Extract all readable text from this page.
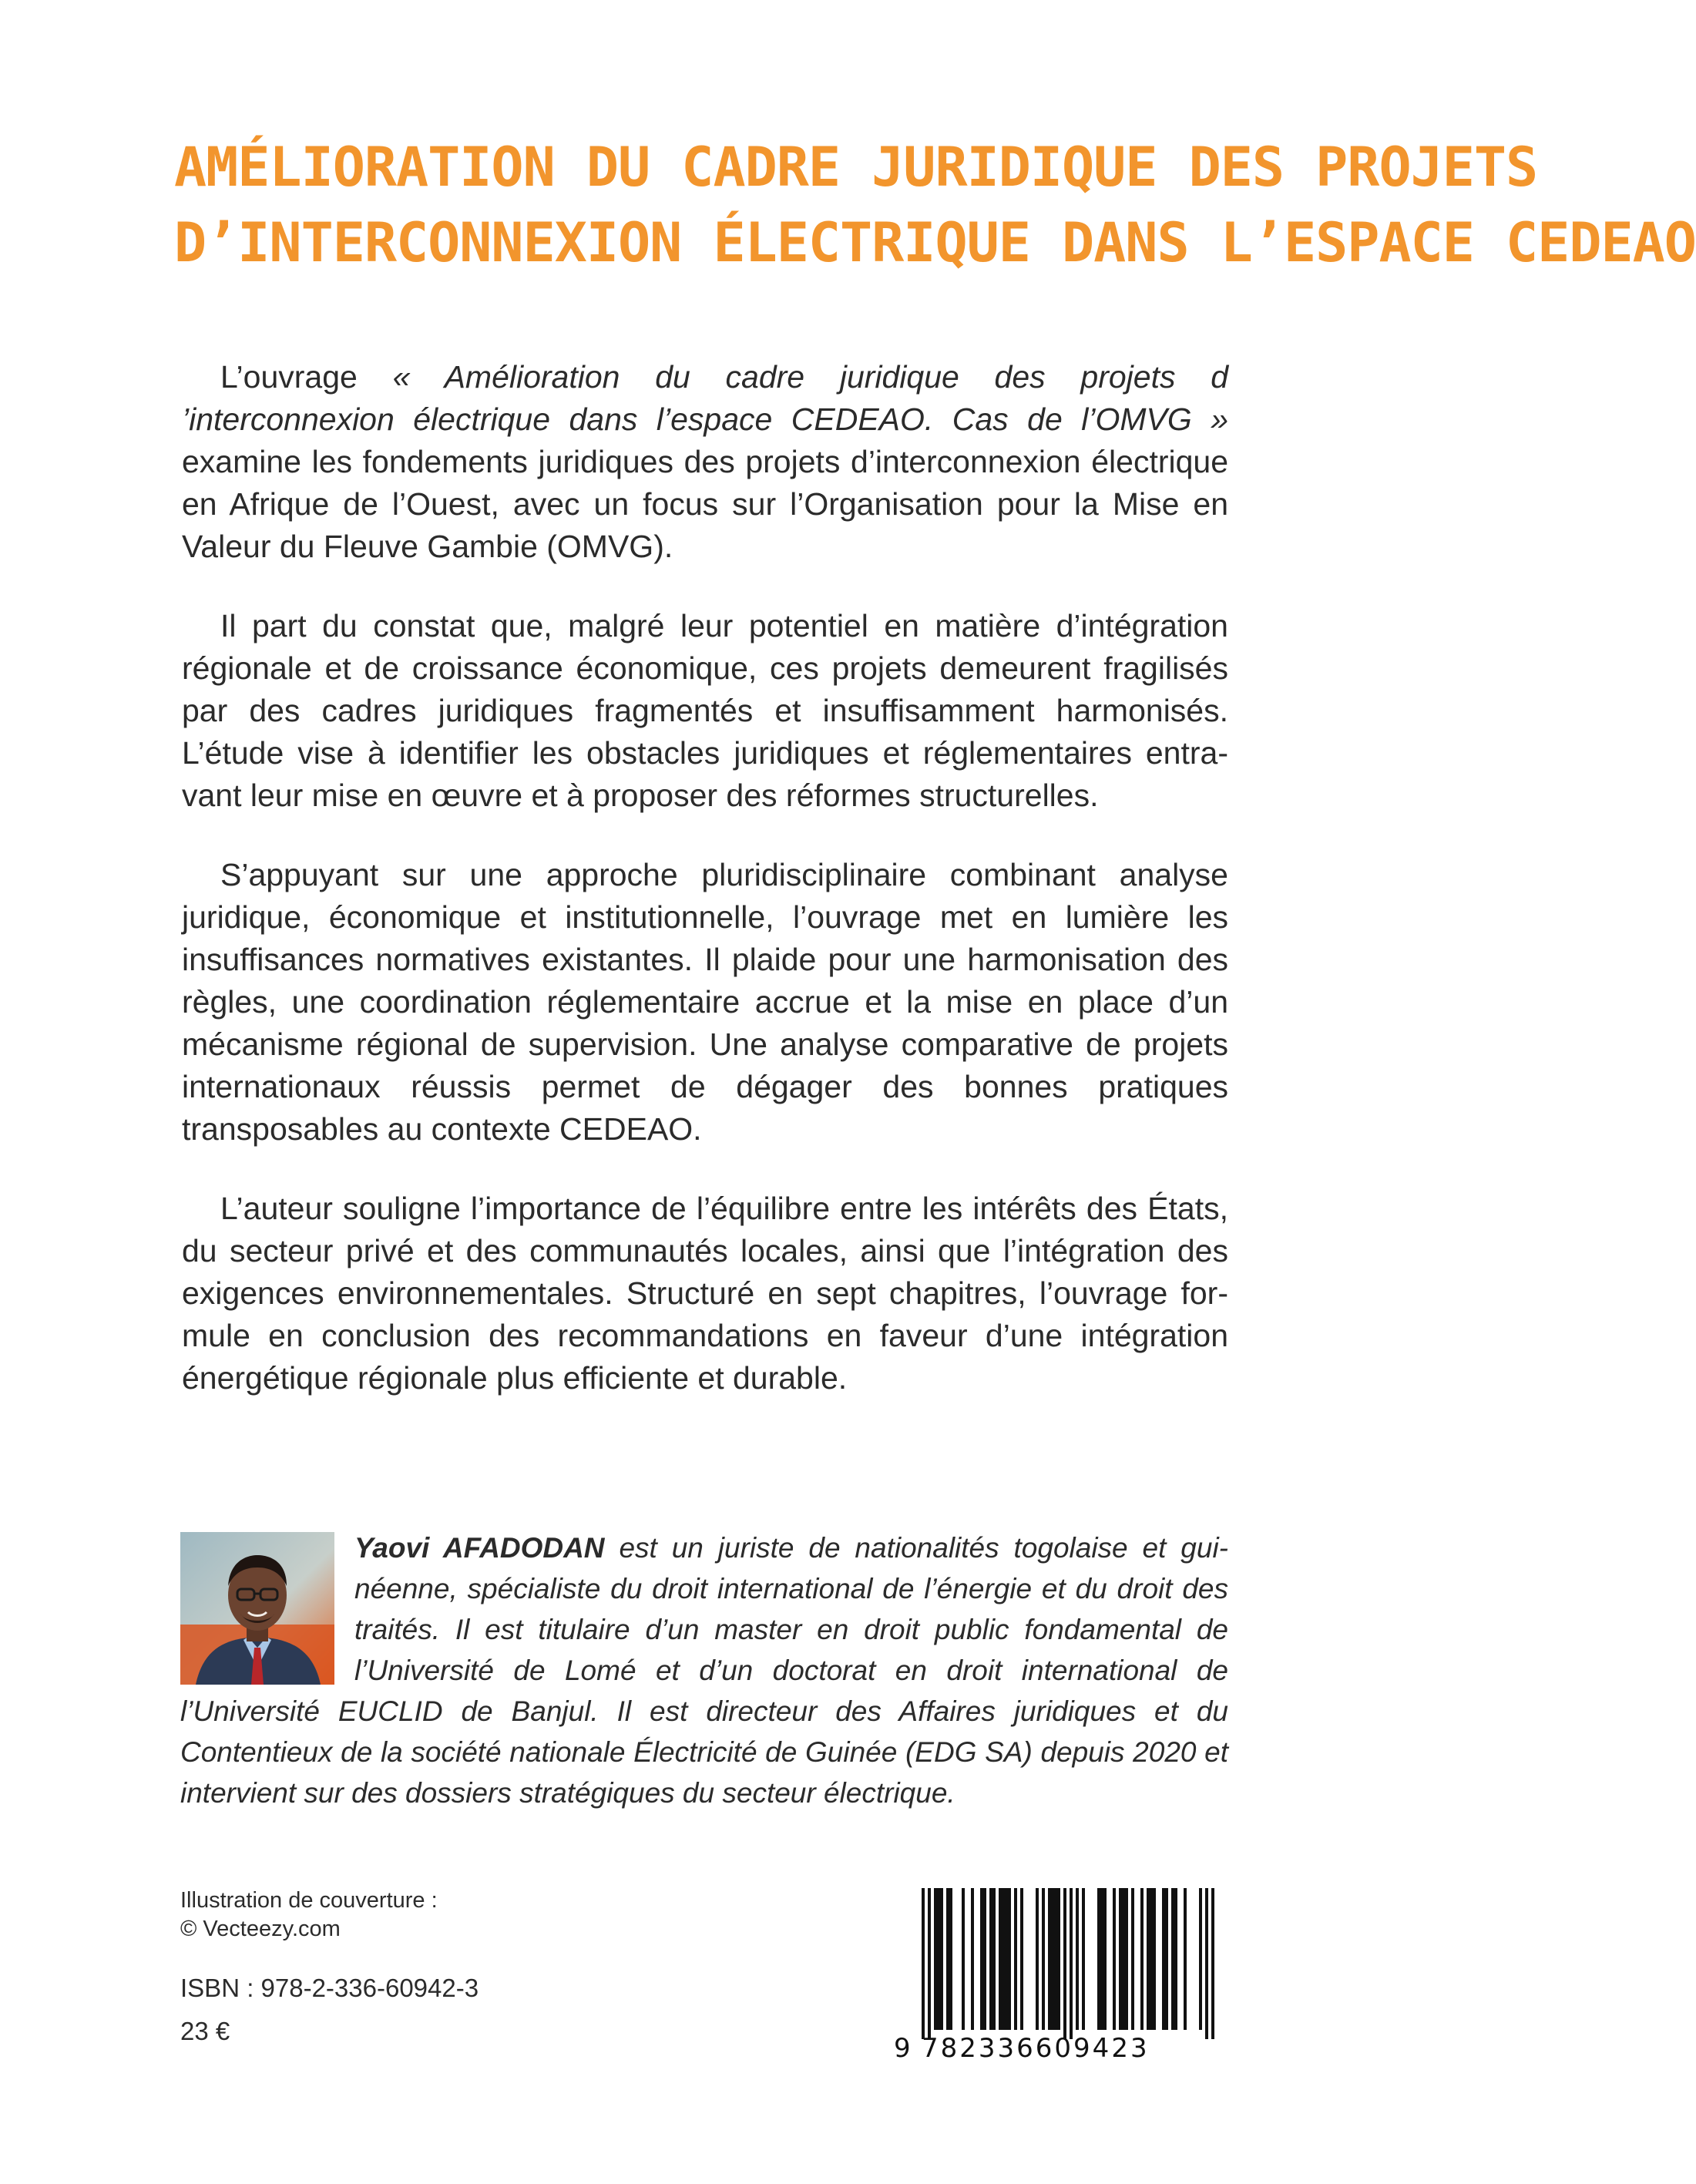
AMÉLIORATION DU CADRE JURIDIQUE DES PROJETS
D’INTERCONNEXION ÉLECTRIQUE DANS L’ESPACE CEDEAO

L’ouvrage « Amélioration du cadre juridique des projets d ’interconnexion électrique dans l’espace CEDEAO. Cas de l’OMVG » examine les fondements juridiques des projets d’interconnexion électrique en Afrique de l’Ouest, avec un focus sur l’Organisation pour la Mise en Valeur du Fleuve Gambie (OMVG).

Il part du constat que, malgré leur potentiel en matière d’intégration régionale et de croissance économique, ces projets demeurent fragilisés par des cadres juridiques fragmentés et insuffisamment harmonisés. L’étude vise à identifier les obstacles juridiques et réglementaires entravant leur mise en œuvre et à proposer des réformes structurelles.

S’appuyant sur une approche pluridisciplinaire combinant analyse juridique, économique et institutionnelle, l’ouvrage met en lumière les insuffisances normatives existantes. Il plaide pour une harmonisation des règles, une coordination réglementaire accrue et la mise en place d’un mécanisme régional de supervision. Une analyse comparative de projets internationaux réussis permet de dégager des bonnes pratiques transposables au contexte CEDEAO.

L’auteur souligne l’importance de l’équilibre entre les intérêts des États, du secteur privé et des communautés locales, ainsi que l’intégration des exigences environnementales. Structuré en sept chapitres, l’ouvrage formule en conclusion des recommandations en faveur d’une intégration énergétique régionale plus efficiente et durable.

Yaovi AFADODAN est un juriste de nationalités togolaise et guinéenne, spécialiste du droit international de l’énergie et du droit des traités. Il est titulaire d’un master en droit public fondamental de l’Université de Lomé et d’un doctorat en droit international de l’Université EUCLID de Banjul. Il est directeur des Affaires juridiques et du Contentieux de la société nationale Électricité de Guinée (EDG SA) depuis 2020 et intervient sur des dossiers stratégiques du secteur électrique.

Illustration de couverture :
© Vecteezy.com
ISBN : 978-2-336-60942-3
23 €
9 782336609423
